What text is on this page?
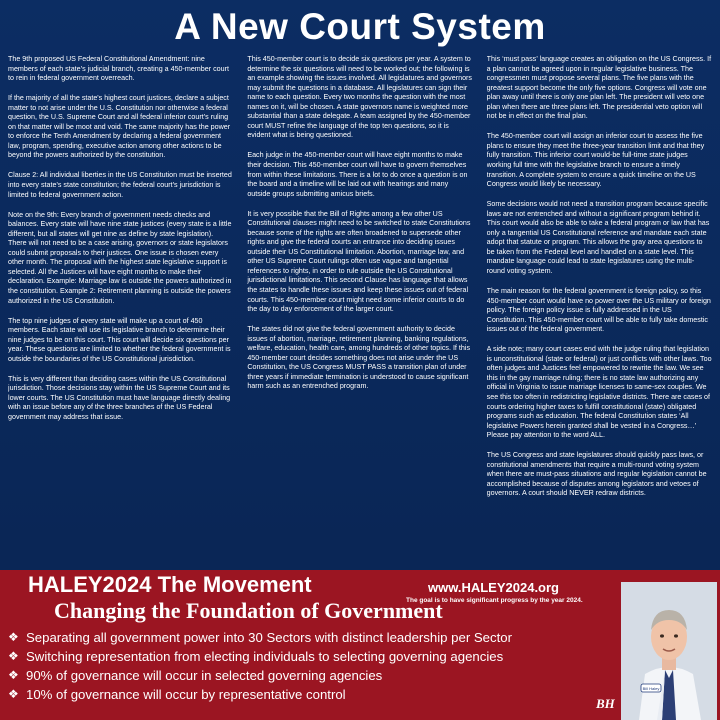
A New Court System

The 9th proposed US Federal Constitutional Amendment: nine members of each state’s judicial branch, creating a 450-member court to rein in federal government overreach.

If the majority of all the state's highest court justices, declare a subject matter to not arise under the U.S. Constitution nor otherwise a federal question, the U.S. Supreme Court and all federal inferior court’s ruling on that matter will be moot and void. The same majority has the power to enforce the Tenth Amendment by declaring a federal government law, program, spending, executive action among other actions to be beyond the powers authorized by the constitution.

Clause 2: All individual liberties in the US Constitution must be inserted into every state’s state constitution; the federal court’s jurisdiction is limited to federal government action.

Note on the 9th: Every branch of government needs checks and balances. Every state will have nine state justices (every state is a little different, but all states will get nine as define by state legislation). There will not need to be a case arising, governors or state legislators could submit proposals to their justices. One issue is chosen every other month. The proposal with the highest state legislative support is selected. All the Justices will have eight months to make their declaration. Example: Marriage law is outside the powers authorized in the constitution. Example 2: Retirement planning is outside the powers authorized in the US Constitution.

The top nine judges of every state will make up a court of 450 members. Each state will use its legislative branch to determine their nine judges to be on this court. This court will decide six questions per year. These questions are limited to whether the federal government is outside the boundaries of the US Constitutional jurisdiction.

This is very different than deciding cases within the US Constitutional jurisdiction. Those decisions stay within the US Supreme Court and its lower courts. The US Constitution must have language directly dealing with an issue before any of the three branches of the US Federal government may address that issue.

This 450-member court is to decide six questions per year. A system to determine the six questions will need to be worked out; the following is an example showing the issues involved. All legislatures and governors may submit the questions in a database. All legislatures can sign their name to each question. Every two months the question with the most names on it, will be chosen. A state governors name is weighted more substantial than a state delegate. A team assigned by the 450-member court MUST refine the language of the top ten questions, so it is evident what is being questioned.

Each judge in the 450-member court will have eight months to make their decision. This 450-member court will have to govern themselves from within these limitations. There is a lot to do once a question is on the board and a timeline will be laid out with hearings and many outside groups submitting amicus briefs.

It is very possible that the Bill of Rights among a few other US Constitutional clauses might need to be switched to state Constitutions because some of the rights are often broadened to supersede other rights and give the federal courts an entrance into deciding issues outside their US Constitutional limitation. Abortion, marriage law, and other US Supreme Court rulings often use vague and tangential references to rights, in order to rule outside the US Constitutional jurisdictional limitations. This second Clause has language that allows the states to handle these issues and keep these issues out of federal courts. This 450-member court might need some inferior courts to do the day to day enforcement of the larger court.

The states did not give the federal government authority to decide issues of abortion, marriage, retirement planning, banking regulations, welfare, education, health care, among hundreds of other topics. If this 450-member court decides something does not arise under the US Constitution, the US Congress MUST PASS a transition plan of under three years if immediate termination is understood to cause significant harm such as an entrenched program.

This ‘must pass’ language creates an obligation on the US Congress. If a plan cannot be agreed upon in regular legislative business. The congressmen must propose several plans. The five plans with the greatest support become the only five options. Congress will vote one plan away until there is only one plan left. The president will veto one plan when there are three plans left. The presidential veto option will not be in effect on the final plan.

The 450-member court will assign an inferior court to assess the five plans to ensure they meet the three-year transition limit and that they fully transition. This inferior court would-be full-time state judges working full time with the legislative branch to ensure a timely transition. A complete system to ensure a quick timeline on the US Congress would likely be necessary.

Some decisions would not need a transition program because specific laws are not entrenched and without a significant program behind it. This court would also be able to take a federal program or law that has only a tangential US Constitutional reference and mandate each state adopt that statute or program. This allows the gray area questions to be taken from the Federal level and handled on a state level. This mandate language could lead to state legislatures using the multi-round voting system.

The main reason for the federal government is foreign policy, so this 450-member court would have no power over the US military or foreign policy. The foreign policy issue is fully addressed in the US Constitution. This 450-member court will be able to fully take domestic issues out of the federal government.

A side note; many court cases end with the judge ruling that legislation is unconstitutional (state or federal) or just conflicts with other laws. Too often judges and Justices feel empowered to rewrite the law. We see this in the gay marriage ruling; there is no state law authorizing any official in Virginia to issue marriage licenses to same-sex couples. We see this too often in redistricting legislative districts. There are cases of courts ordering higher taxes to fulfill constitutional (state) obligated programs such as education. The federal Constitution states ‘All legislative Powers herein granted shall be vested in a Congress…’ Please pay attention to the word ALL.

The US Congress and state legislatures should quickly pass laws, or constitutional amendments that require a multi-round voting system when there are must-pass situations and regular legislation cannot be accomplished because of disputes among legislators and vetoes of governors. A court should NEVER redraw districts.

HALEY2024 The Movement	www.HALEY2024.org
The goal is to have significant progress by the year 2024.
Changing the Foundation of Government
❖ Separating all government power into 30 Sectors with distinct leadership per Sector
❖ Switching representation from electing individuals to selecting governing agencies
❖ 90% of governance will occur in selected governing agencies
❖ 10% of governance will occur by representative control	Bill Haley
BH
